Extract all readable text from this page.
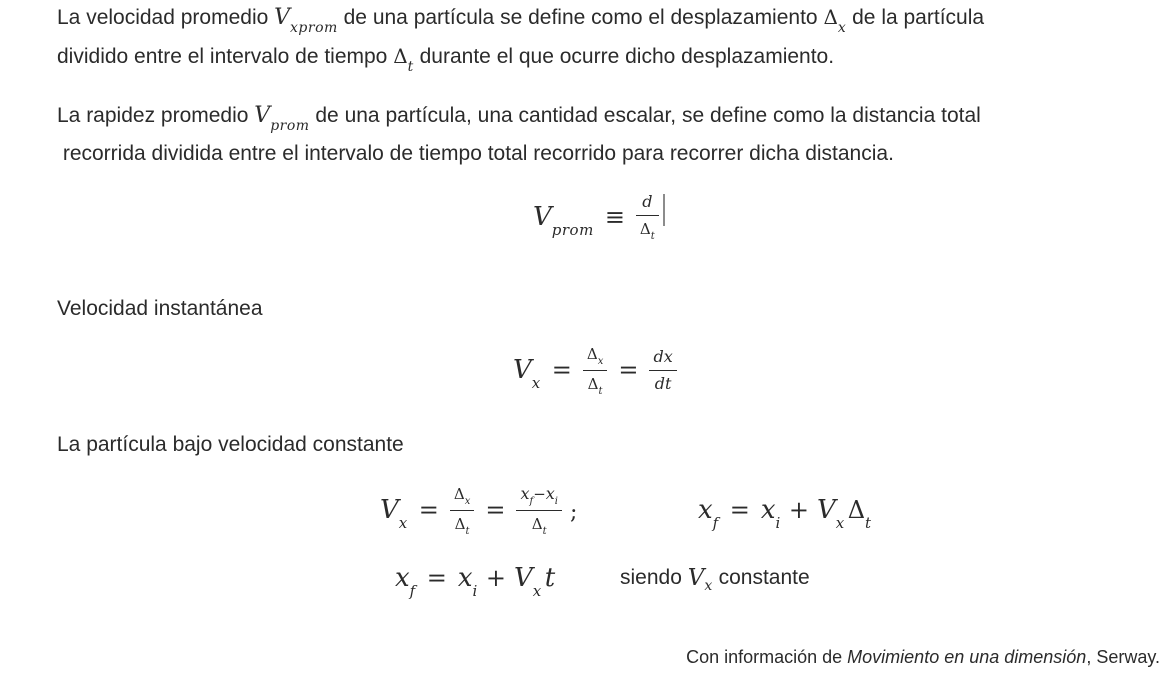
La velocidad promedio $V_{xprom}$ de una partícula se define como el desplazamiento $\Delta_x$ de la partícula
dividido entre el intervalo de tiempo $\Delta_t$ durante el que ocurre dicho desplazamiento.
La rapidez promedio $V_{prom}$ de una partícula, una cantidad escalar, se define como la distancia total
recorrida dividida entre el intervalo de tiempo total recorrido para recorrer dicha distancia.
Vprom ≡ $\frac{d}{\Delta_t}$
Velocidad instantánea
$Vx = \frac{\Delta_x}{\Delta_t} = \frac{dx}{dt}$
La partícula bajo velocidad constante
$Vx = \frac{\Delta_x}{\Delta_t} = \frac{x_f-x_i}{\Delta_t}$ ;	xf = xi + Vx Δt
xf = xi + Vx t	siendo V x constante

Con información de Movimiento en una dimensión, Serway.
